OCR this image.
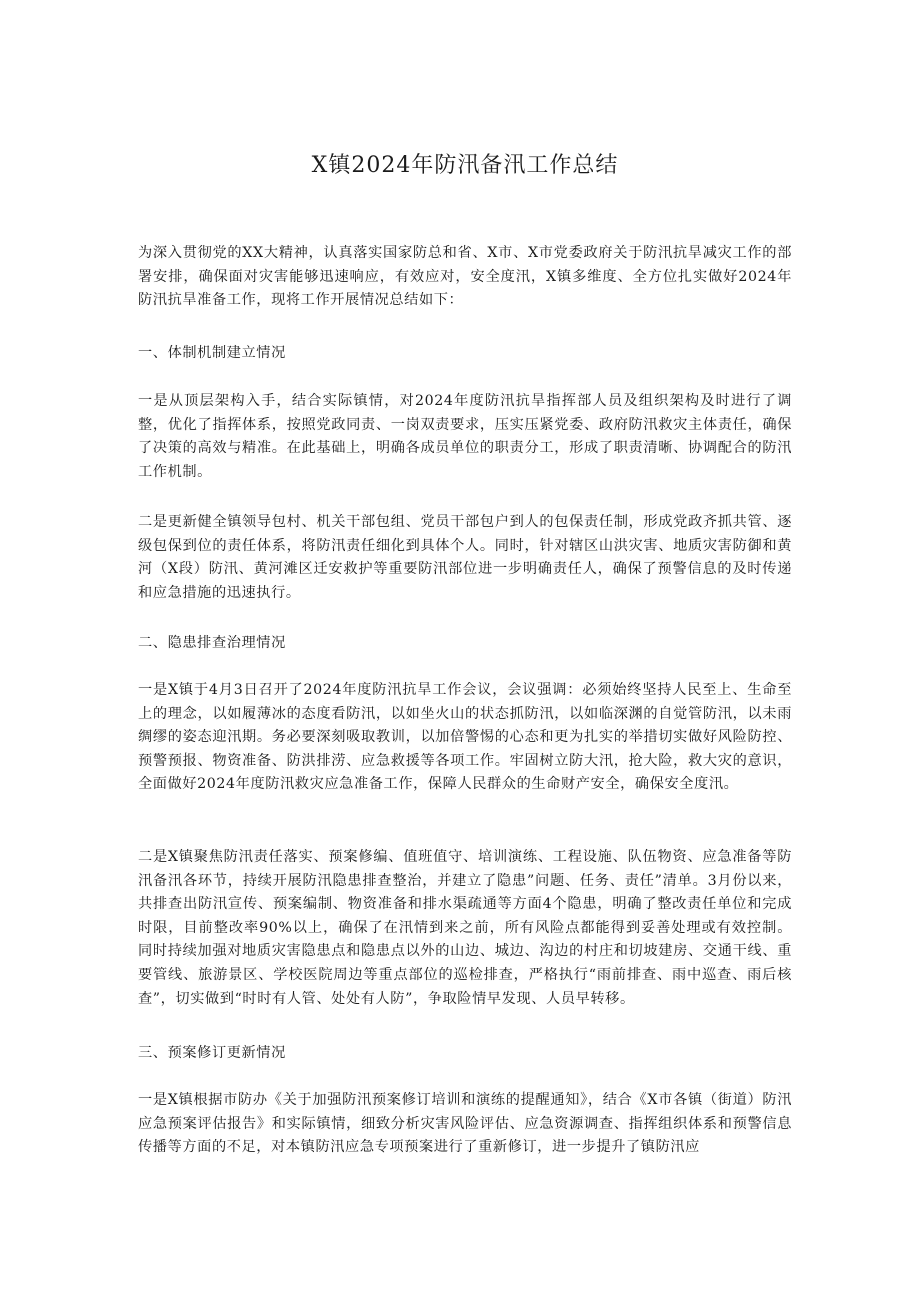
X镇2024年防汛备汛工作总结

为深入贯彻党的XX大精神，认真落实国家防总和省、X市、X市党委政府关于防汛抗旱减灾工作的部署安排，确保面对灾害能够迅速响应，有效应对，安全度汛，X镇多维度、全方位扎实做好2024年防汛抗旱准备工作，现将工作开展情况总结如下：

一、体制机制建立情况

一是从顶层架构入手，结合实际镇情，对2024年度防汛抗旱指挥部人员及组织架构及时进行了调整，优化了指挥体系，按照党政同责、一岗双责要求，压实压紧党委、政府防汛救灾主体责任，确保了决策的高效与精准。在此基础上，明确各成员单位的职责分工，形成了职责清晰、协调配合的防汛工作机制。

二是更新健全镇领导包村、机关干部包组、党员干部包户到人的包保责任制，形成党政齐抓共管、逐级包保到位的责任体系，将防汛责任细化到具体个人。同时，针对辖区山洪灾害、地质灾害防御和黄河（X段）防汛、黄河滩区迁安救护等重要防汛部位进一步明确责任人，确保了预警信息的及时传递和应急措施的迅速执行。

二、隐患排查治理情况

一是X镇于4月3日召开了2024年度防汛抗旱工作会议，会议强调：必须始终坚持人民至上、生命至上的理念，以如履薄冰的态度看防汛，以如坐火山的状态抓防汛，以如临深渊的自觉管防汛，以未雨绸缪的姿态迎汛期。务必要深刻吸取教训，以加倍警惕的心态和更为扎实的举措切实做好风险防控、预警预报、物资准备、防洪排涝、应急救援等各项工作。牢固树立防大汛，抢大险，救大灾的意识，全面做好2024年度防汛救灾应急准备工作，保障人民群众的生命财产安全，确保安全度汛。

二是X镇聚焦防汛责任落实、预案修编、值班值守、培训演练、工程设施、队伍物资、应急准备等防汛备汛各环节，持续开展防汛隐患排查整治，并建立了隐患”问题、任务、责任”清单。3月份以来，共排查出防汛宣传、预案编制、物资准备和排水渠疏通等方面4个隐患，明确了整改责任单位和完成时限，目前整改率90%以上，确保了在汛情到来之前，所有风险点都能得到妥善处理或有效控制。同时持续加强对地质灾害隐患点和隐患点以外的山边、城边、沟边的村庄和切坡建房、交通干线、重要管线、旅游景区、学校医院周边等重点部位的巡检排查，严格执行“雨前排查、雨中巡查、雨后核查”，切实做到“时时有人管、处处有人防”，争取险情早发现、人员早转移。

三、预案修订更新情况

一是X镇根据市防办《关于加强防汛预案修订培训和演练的提醒通知》，结合《X市各镇（街道）防汛应急预案评估报告》和实际镇情，细致分析灾害风险评估、应急资源调查、指挥组织体系和预警信息传播等方面的不足，对本镇防汛应急专项预案进行了重新修订，进一步提升了镇防汛应
